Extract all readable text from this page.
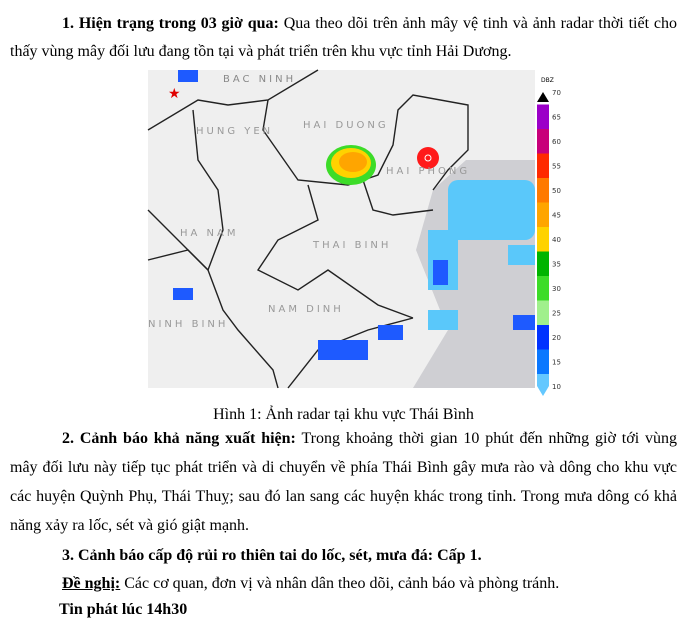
1. Hiện trạng trong 03 giờ qua: Qua theo dõi trên ảnh mây vệ tinh và ảnh radar thời tiết cho thấy vùng mây đối lưu đang tồn tại và phát triển trên khu vực tỉnh Hải Dương.
★
BAC NINH
HUNG YEN
HAI DUONG
HAI PHONG
HA NAM
THAI BINH
NAM DINH
NINH BINH
DBZ
70
65
60
55
50
45
40
35
30
25
20
15
10
Hình 1: Ảnh radar tại khu vực Thái Bình
2. Cảnh báo khả năng xuất hiện: Trong khoảng thời gian 10 phút đến những giờ tới vùng mây đối lưu này tiếp tục phát triển và di chuyển về phía Thái Bình gây mưa rào và dông cho khu vực các huyện Quỳnh Phụ, Thái Thuỵ; sau đó lan sang các huyện khác trong tỉnh. Trong mưa dông có khả năng xảy ra lốc, sét và gió giật mạnh.
3. Cảnh báo cấp độ rủi ro thiên tai do lốc, sét, mưa đá: Cấp 1.
Đề nghị: Các cơ quan, đơn vị và nhân dân theo dõi, cảnh báo và phòng tránh.
Tin phát lúc 14h30
